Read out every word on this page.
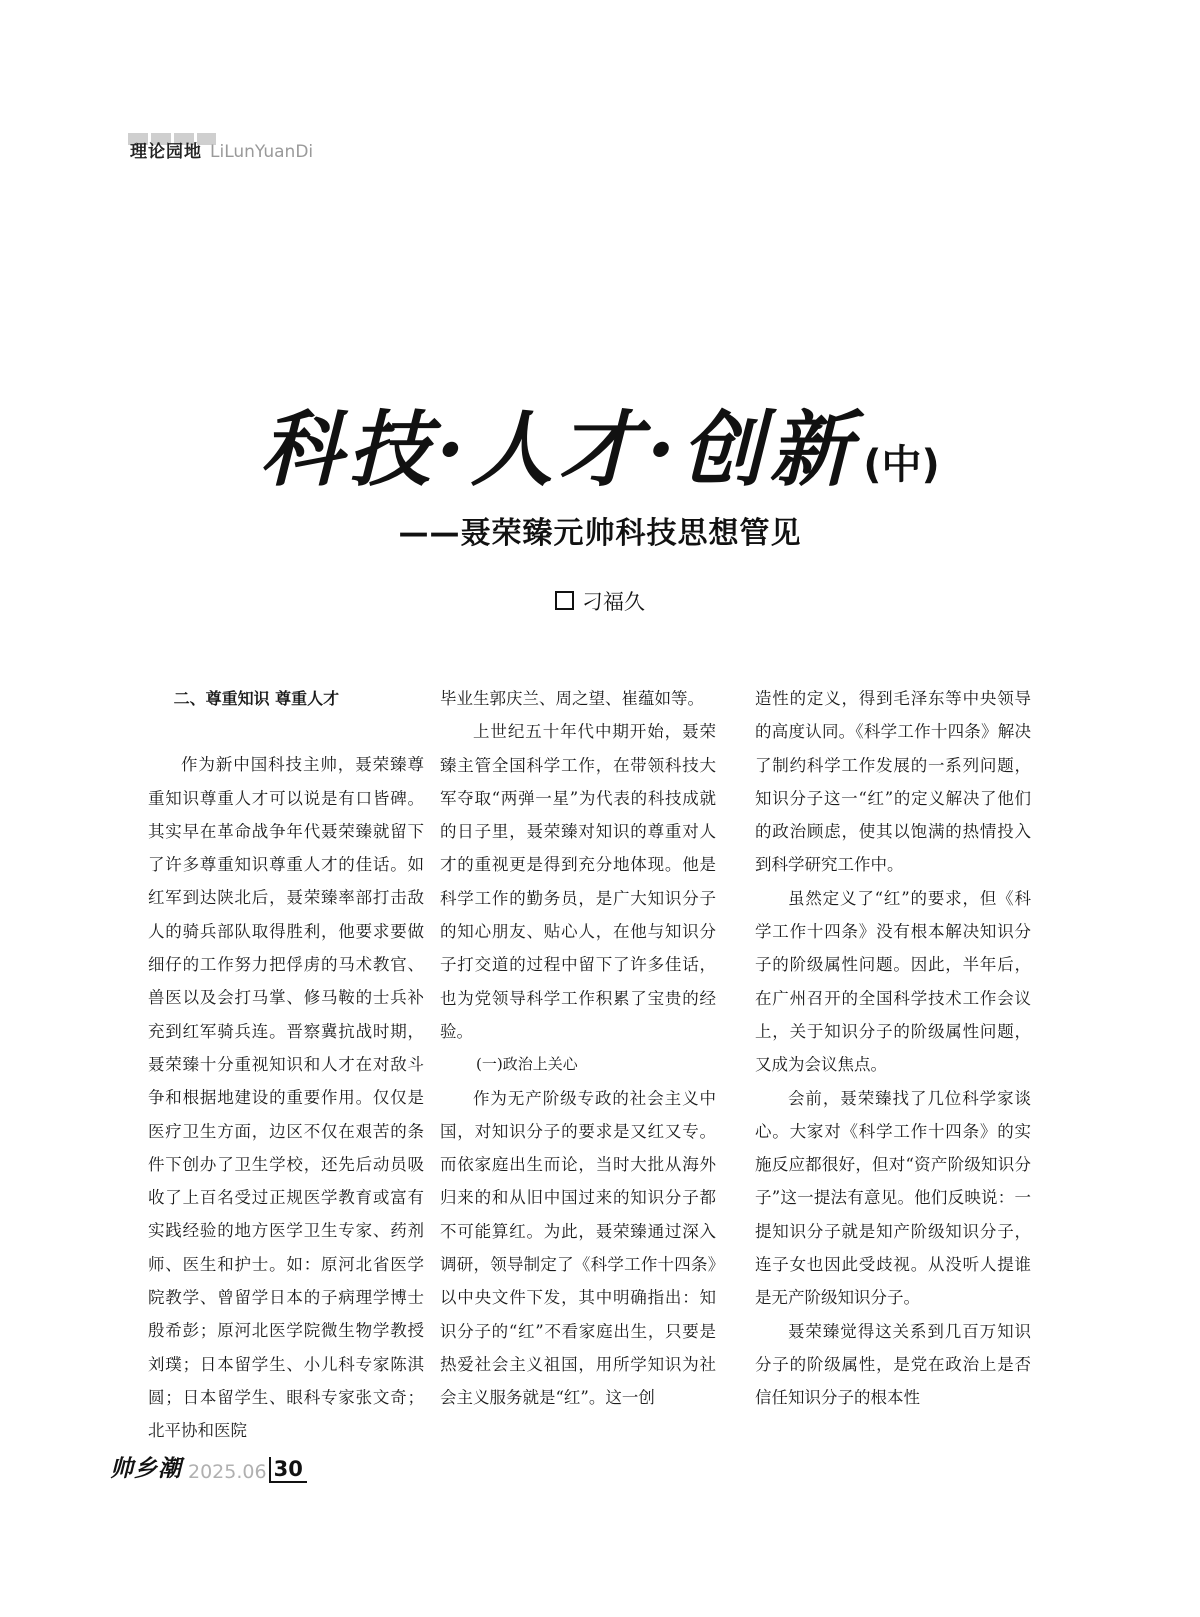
理论园地 LiLunYuanDi
科技·人才·创新 (中)
——聂荣臻元帅科技思想管见
刁福久

二、尊重知识 尊重人才

作为新中国科技主帅，聂荣臻尊重知识尊重人才可以说是有口皆碑。其实早在革命战争年代聂荣臻就留下了许多尊重知识尊重人才的佳话。如红军到达陕北后，聂荣臻率部打击敌人的骑兵部队取得胜利，他要求要做细仔的工作努力把俘虏的马术教官、兽医以及会打马掌、修马鞍的士兵补充到红军骑兵连。晋察冀抗战时期，聂荣臻十分重视知识和人才在对敌斗争和根据地建设的重要作用。仅仅是医疗卫生方面，边区不仅在艰苦的条件下创办了卫生学校，还先后动员吸收了上百名受过正规医学教育或富有实践经验的地方医学卫生专家、药剂师、医生和护士。如：原河北省医学院教学、曾留学日本的子病理学博士殷希彭；原河北医学院微生物学教授刘璞；日本留学生、小儿科专家陈淇圆；日本留学生、眼科专家张文奇；北平协和医院

毕业生郭庆兰、周之望、崔蕴如等。

上世纪五十年代中期开始，聂荣臻主管全国科学工作，在带领科技大军夺取“两弹一星”为代表的科技成就的日子里，聂荣臻对知识的尊重对人才的重视更是得到充分地体现。他是科学工作的勤务员，是广大知识分子的知心朋友、贴心人，在他与知识分子打交道的过程中留下了许多佳话，也为党领导科学工作积累了宝贵的经验。

(一)政治上关心

作为无产阶级专政的社会主义中国，对知识分子的要求是又红又专。而依家庭出生而论，当时大批从海外归来的和从旧中国过来的知识分子都不可能算红。为此，聂荣臻通过深入调研，领导制定了《科学工作十四条》以中央文件下发，其中明确指出：知识分子的“红”不看家庭出生，只要是热爱社会主义祖国，用所学知识为社会主义服务就是“红”。这一创

造性的定义，得到毛泽东等中央领导的高度认同。《科学工作十四条》解决了制约科学工作发展的一系列问题，知识分子这一“红”的定义解决了他们的政治顾虑，使其以饱满的热情投入到科学研究工作中。

虽然定义了“红”的要求，但《科学工作十四条》没有根本解决知识分子的阶级属性问题。因此，半年后，在广州召开的全国科学技术工作会议上，关于知识分子的阶级属性问题，又成为会议焦点。

会前，聂荣臻找了几位科学家谈心。大家对《科学工作十四条》的实施反应都很好，但对“资产阶级知识分子”这一提法有意见。他们反映说：一提知识分子就是知产阶级知识分子，连子女也因此受歧视。从没听人提谁是无产阶级知识分子。

聂荣臻觉得这关系到几百万知识分子的阶级属性，是党在政治上是否信任知识分子的根本性

帅乡潮 2025.06 30
